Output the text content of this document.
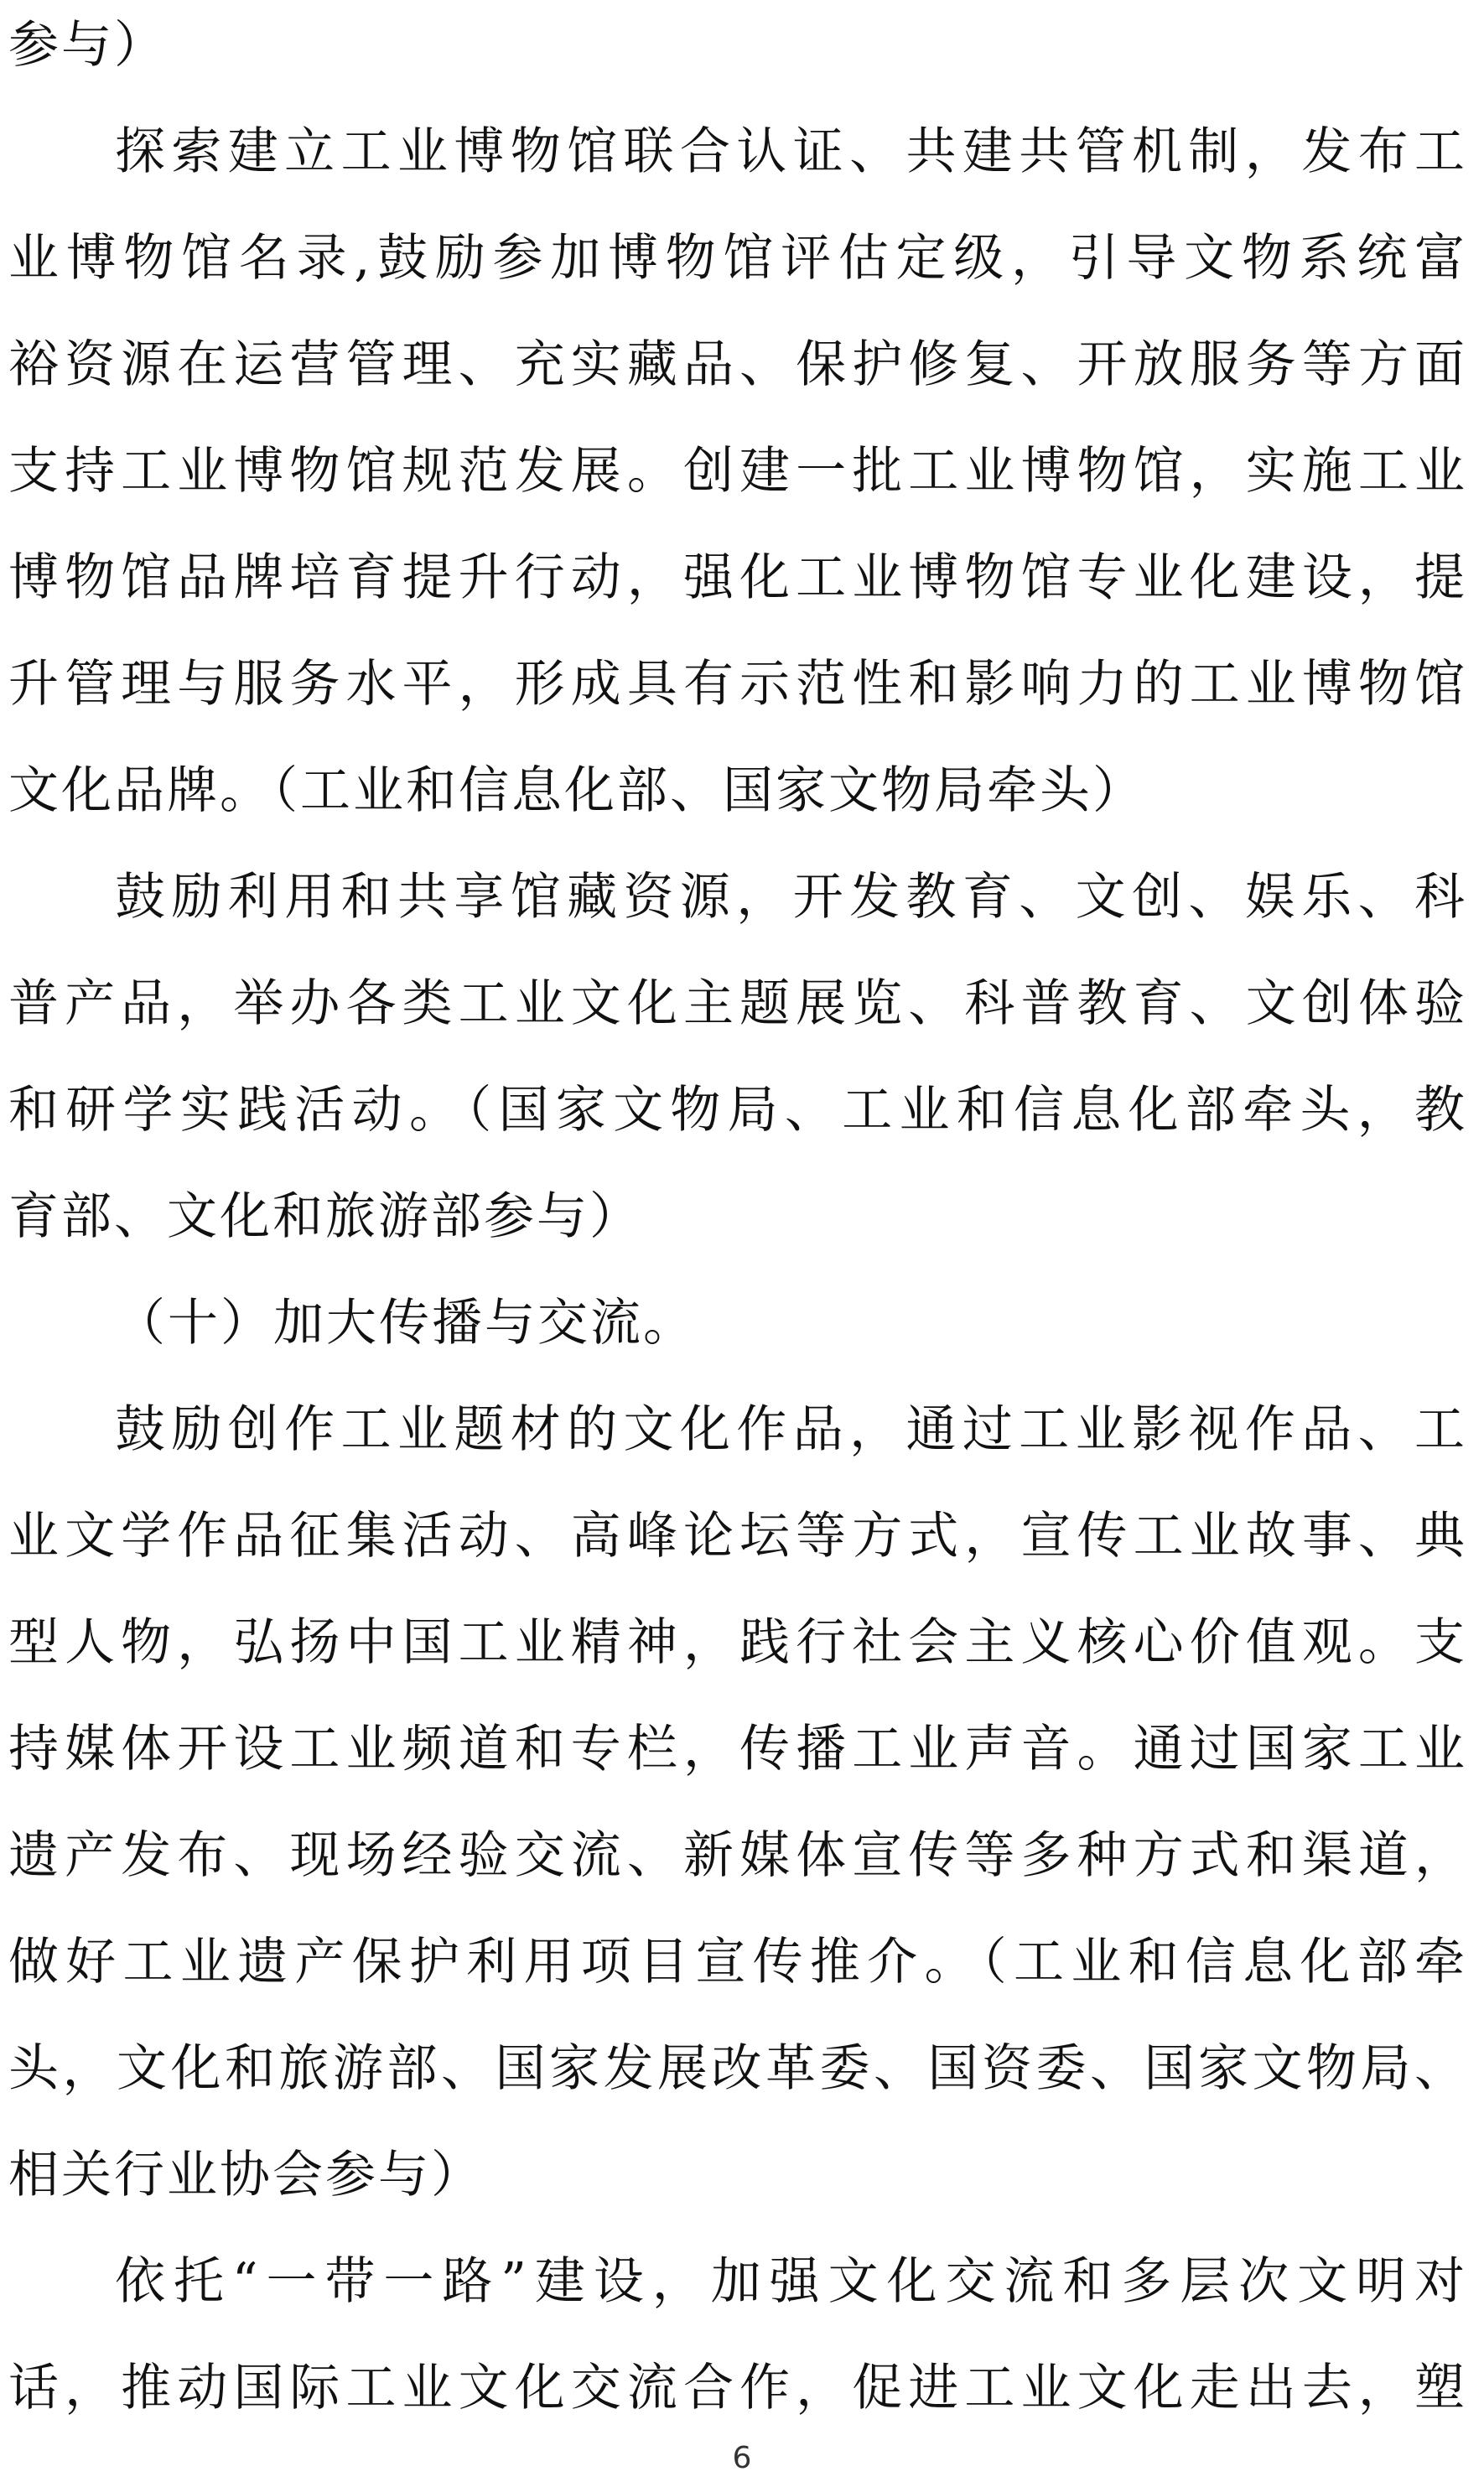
参与）
探索建立工业博物馆联合认证、共建共管机制，发布工
业博物馆名录,鼓励参加博物馆评估定级，引导文物系统富
裕资源在运营管理、充实藏品、保护修复、开放服务等方面
支持工业博物馆规范发展。创建一批工业博物馆，实施工业
博物馆品牌培育提升行动，强化工业博物馆专业化建设，提
升管理与服务水平，形成具有示范性和影响力的工业博物馆
文化品牌。（工业和信息化部、国家文物局牵头）
鼓励利用和共享馆藏资源，开发教育、文创、娱乐、科
普产品，举办各类工业文化主题展览、科普教育、文创体验
和研学实践活动。（国家文物局、工业和信息化部牵头，教
育部、文化和旅游部参与）
（十）加大传播与交流。
鼓励创作工业题材的文化作品，通过工业影视作品、工
业文学作品征集活动、高峰论坛等方式，宣传工业故事、典
型人物，弘扬中国工业精神，践行社会主义核心价值观。支
持媒体开设工业频道和专栏，传播工业声音。通过国家工业
遗产发布、现场经验交流、新媒体宣传等多种方式和渠道，
做好工业遗产保护利用项目宣传推介。（工业和信息化部牵
头，文化和旅游部、国家发展改革委、国资委、国家文物局、
相关行业协会参与）
依托“一带一路”建设，加强文化交流和多层次文明对
话，推动国际工业文化交流合作，促进工业文化走出去，塑
6
